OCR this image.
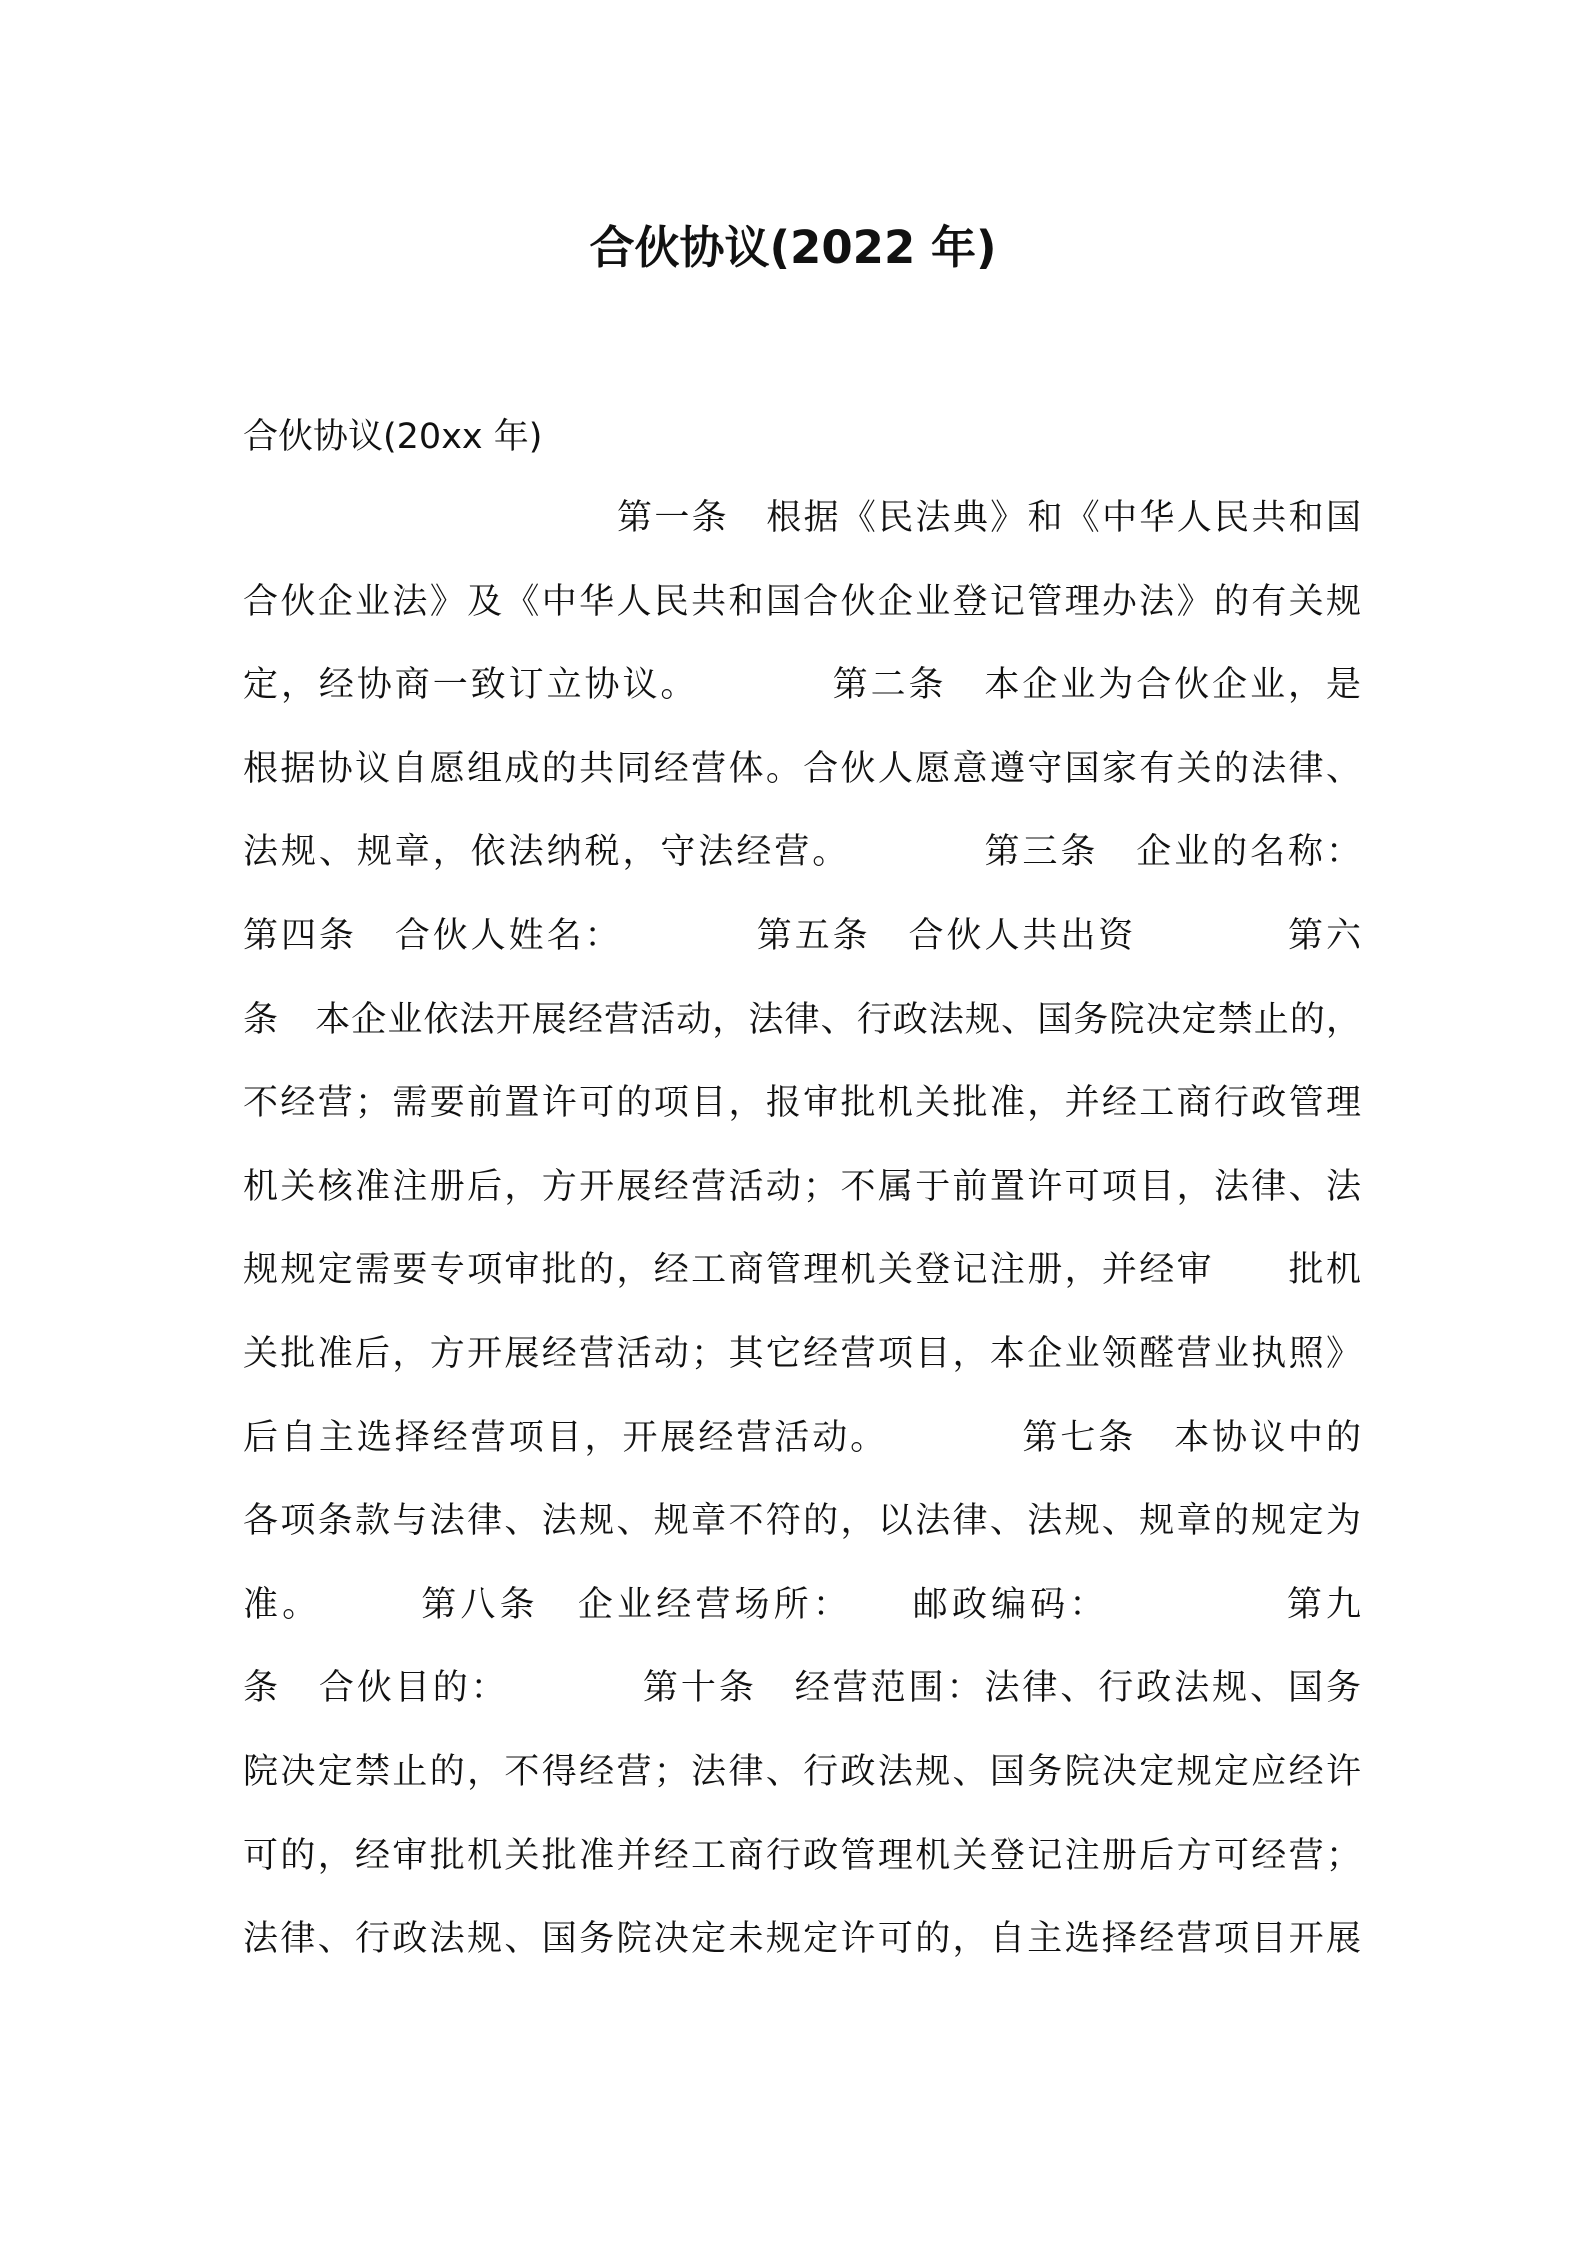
合伙协议(2022 年)
合伙协议(20xx 年)
第一条　根据《民法典》和《中华人民共和国
合伙企业法》及《中华人民共和国合伙企业登记管理办法》的有关规
定，经协商一致订立协议。　　　　第二条　本企业为合伙企业，是
根据协议自愿组成的共同经营体。合伙人愿意遵守国家有关的法律、
法规、规章，依法纳税，守法经营。　　　　第三条　企业的名称：
第四条　合伙人姓名：　　　　第五条　合伙人共出资　　　　第六
条　本企业依法开展经营活动，法律、行政法规、国务院决定禁止的，
不经营；需要前置许可的项目，报审批机关批准，并经工商行政管理
机关核准注册后，方开展经营活动；不属于前置许可项目，法律、法
规规定需要专项审批的，经工商管理机关登记注册，并经审　　批机
关批准后，方开展经营活动；其它经营项目，本企业领醛营业执照》
后自主选择经营项目，开展经营活动。　　　　第七条　本协议中的
各项条款与法律、法规、规章不符的，以法律、法规、规章的规定为
准。　　　第八条　企业经营场所：　　邮政编码：　　　　　第九
条　合伙目的：　　　　第十条　经营范围：法律、行政法规、国务
院决定禁止的，不得经营；法律、行政法规、国务院决定规定应经许
可的，经审批机关批准并经工商行政管理机关登记注册后方可经营；
法律、行政法规、国务院决定未规定许可的，自主选择经营项目开展
